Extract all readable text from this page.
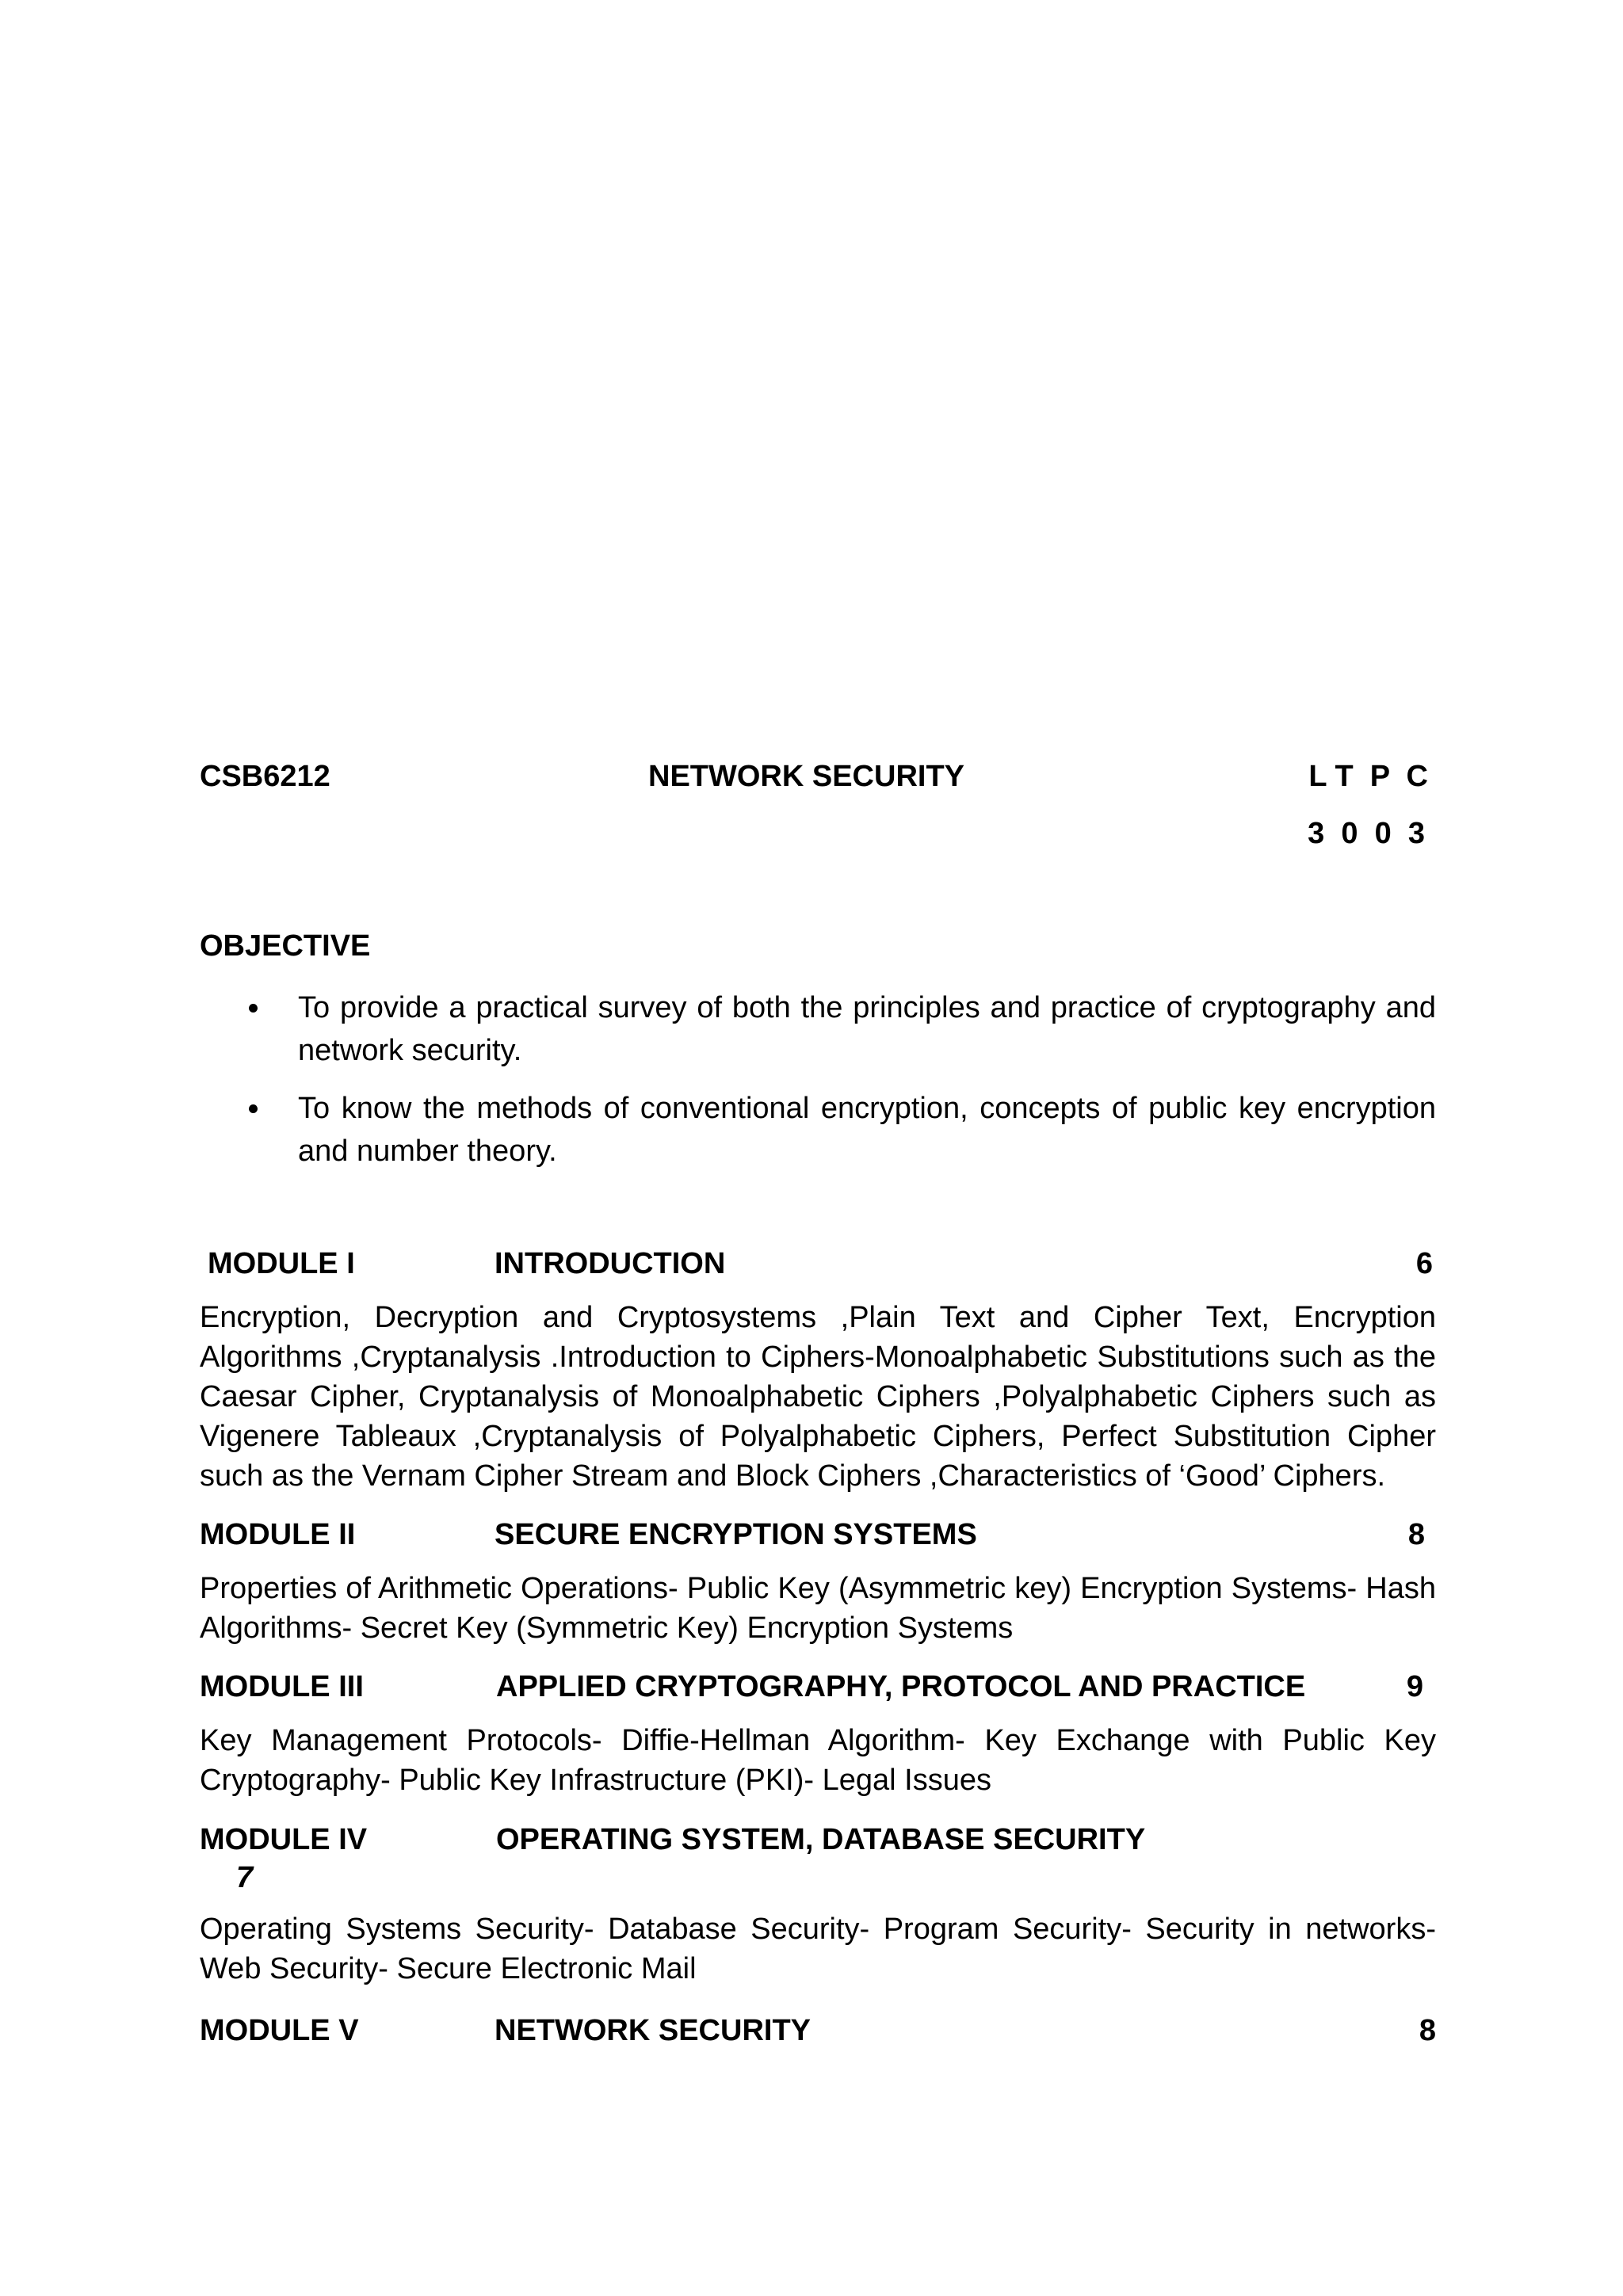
CSB6212	NETWORK SECURITY	L T  P  C
3  0  0  3
OBJECTIVE
To provide a practical survey of both the principles and practice of cryptography and network security.
To know the methods of conventional encryption, concepts of public key encryption and number theory.
MODULE I	INTRODUCTION	6

Encryption, Decryption and Cryptosystems ,Plain Text and Cipher Text, Encryption Algorithms ,Cryptanalysis .Introduction to Ciphers-Monoalphabetic Substitutions such as the Caesar Cipher, Cryptanalysis of Monoalphabetic Ciphers ,Polyalphabetic Ciphers such as Vigenere Tableaux ,Cryptanalysis of Polyalphabetic Ciphers, Perfect Substitution Cipher such as the Vernam Cipher Stream and Block Ciphers ,Characteristics of ‘Good’ Ciphers.

MODULE II	SECURE ENCRYPTION SYSTEMS	8

Properties of Arithmetic Operations- Public Key (Asymmetric key) Encryption Systems- Hash Algorithms- Secret Key (Symmetric Key) Encryption Systems

MODULE III	APPLIED CRYPTOGRAPHY, PROTOCOL AND PRACTICE	9

Key Management Protocols- Diffie-Hellman Algorithm- Key Exchange with Public Key Cryptography- Public Key Infrastructure (PKI)- Legal Issues

MODULE IV	OPERATING SYSTEM, DATABASE SECURITY
7

Operating Systems Security- Database Security- Program Security- Security in networks- Web Security- Secure Electronic Mail

MODULE V	NETWORK SECURITY	8
